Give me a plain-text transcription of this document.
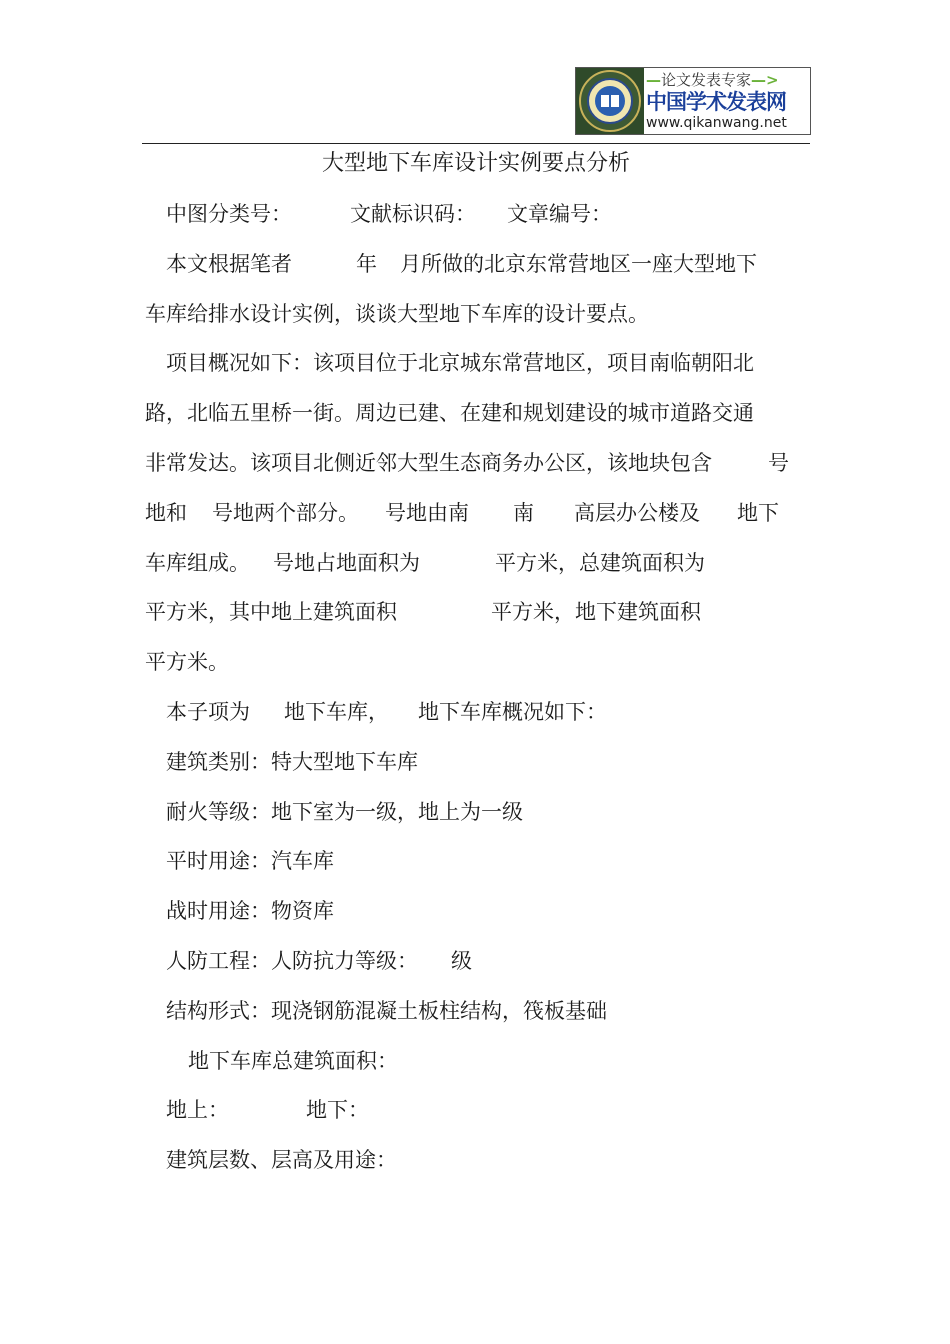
—论文发表专家—>
中国学术发表网
www.qikanwang.net
大型地下车库设计实例要点分析
中图分类号：	文献标识码： 文章编号：
本文根据笔者	年 月所做的北京东常营地区一座大型地下
车库给排水设计实例，谈谈大型地下车库的设计要点。
项目概况如下：该项目位于北京城东常营地区，项目南临朝阳北
路，北临五里桥一街。周边已建、在建和规划建设的城市道路交通
非常发达。该项目北侧近邻大型生态商务办公区，该地块包含	号
地和 号地两个部分。 号地由南 南 高层办公楼及 地下
车库组成。 号地占地面积为	平方米，总建筑面积为
平方米，其中地上建筑面积	平方米，地下建筑面积
平方米。
本子项为 地下车库， 地下车库概况如下：
建筑类别：特大型地下车库
耐火等级：地下室为一级，地上为一级
平时用途：汽车库
战时用途：物资库
人防工程：人防抗力等级： 级
结构形式：现浇钢筋混凝土板柱结构，筏板基础
地下车库总建筑面积：
地上：	地下：
建筑层数、层高及用途：
